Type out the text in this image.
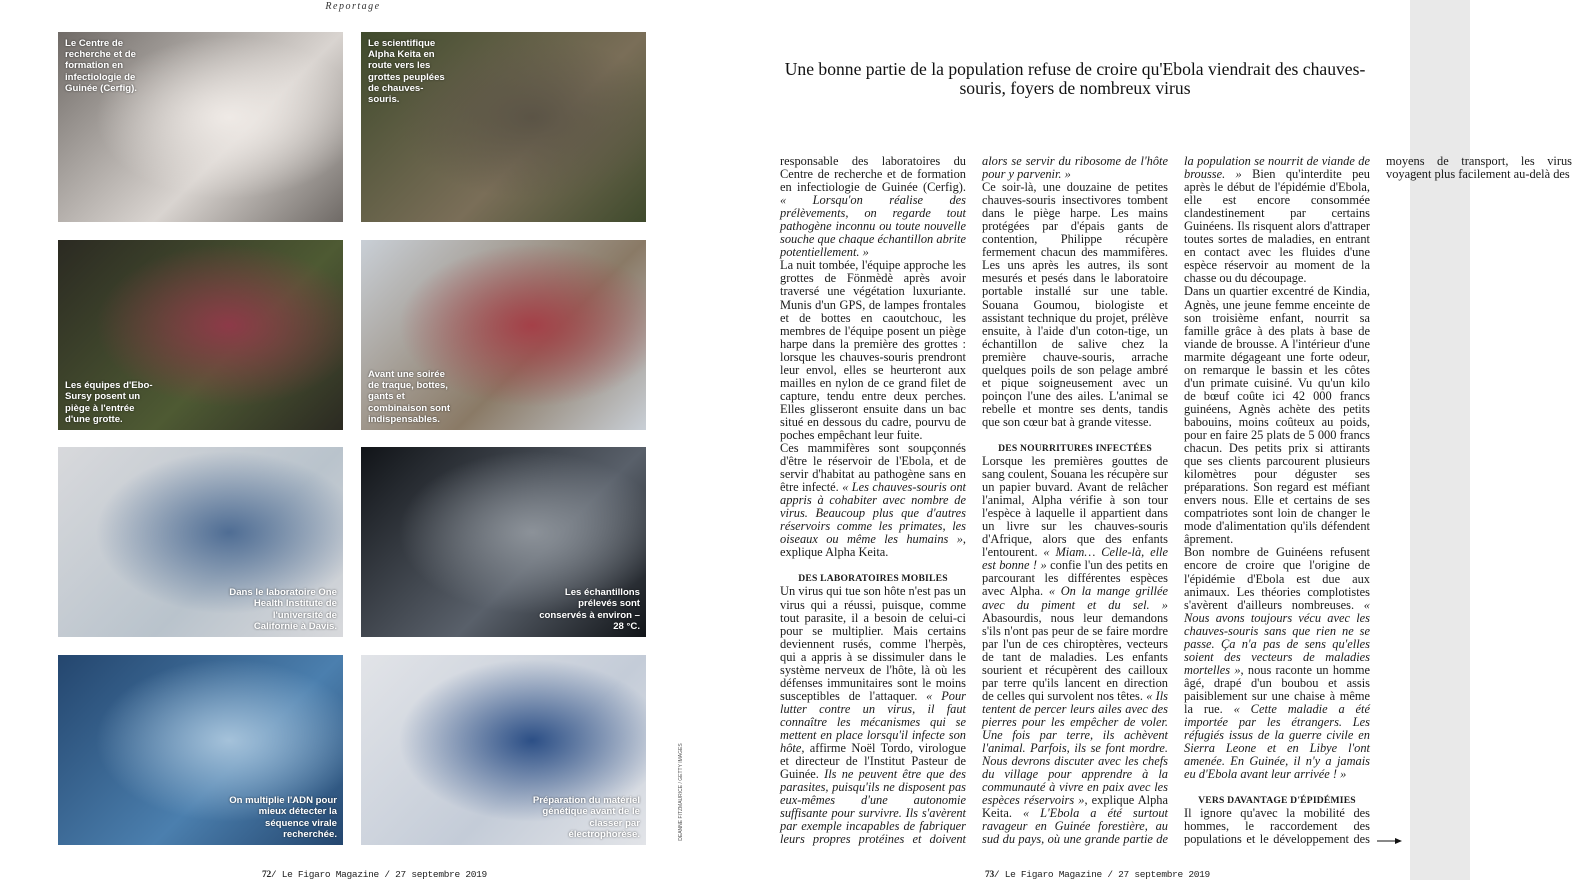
Reportage
Le Centre de recherche et de formation en infectiologie de Guinée (Cerfig).
Le scientifique Alpha Keita en route vers les grottes peuplées de chauves-souris.
Les équipes d'Ebo-Sursy posent un piège à l'entrée d'une grotte.
Avant une soirée de traque, bottes, gants et combinaison sont indispensables.
Dans le laboratoire One Health Institute de l'université de Californie à Davis.
Les échantillons prélevés sont conservés à environ – 28 °C.
On multiplie l'ADN pour mieux détecter la séquence virale recherchée.
Préparation du matériel génétique avant de le classer par électrophorèse.	DEANNE FITZMAURICE / GETTY IMAGES
Une bonne partie de la population refuse de croire qu'Ebola viendrait des chauves-souris, foyers de nombreux virus

responsable des laboratoires du Centre de recherche et de formation en infectiologie de Guinée (Cerfig). « Lorsqu'on réalise des prélèvements, on regarde tout pathogène inconnu ou toute nouvelle souche que chaque échantillon abrite potentiellement. »

La nuit tombée, l'équipe approche les grottes de Fönmèdè après avoir traversé une végétation luxuriante. Munis d'un GPS, de lampes frontales et de bottes en caoutchouc, les membres de l'équipe posent un piège harpe dans la première des grottes : lorsque les chauves-souris prendront leur envol, elles se heurteront aux mailles en nylon de ce grand filet de capture, tendu entre deux perches. Elles glisseront ensuite dans un bac situé en dessous du cadre, pourvu de poches empêchant leur fuite.

Ces mammifères sont soupçonnés d'être le réservoir de l'Ebola, et de servir d'habitat au pathogène sans en être infecté. « Les chauves-souris ont appris à cohabiter avec nombre de virus. Beaucoup plus que d'autres réservoirs comme les primates, les oiseaux ou même les humains », explique Alpha Keita.

DES LABORATOIRES MOBILES

Un virus qui tue son hôte n'est pas un virus qui a réussi, puisque, comme tout parasite, il a besoin de celui-ci pour se multiplier. Mais certains deviennent rusés, comme l'herpès, qui a appris à se dissimuler dans le système nerveux de l'hôte, là où les défenses immunitaires sont le moins susceptibles de l'attaquer. « Pour lutter contre un virus, il faut connaître les mécanismes qui se mettent en place lorsqu'il infecte son hôte, affirme Noël Tordo, virologue et directeur de l'Institut Pasteur de Guinée. Ils ne peuvent être que des parasites, puisqu'ils ne disposent pas eux-mêmes d'une autonomie suffisante pour survivre. Ils s'avèrent par exemple incapables de fabriquer leurs propres protéines et doivent alors se servir du ribosome de l'hôte pour y parvenir. »

Ce soir-là, une douzaine de petites chauves-souris insectivores tombent dans le piège harpe. Les mains protégées par d'épais gants de contention, Philippe récupère fermement chacun des mammifères. Les uns après les autres, ils sont mesurés et pesés dans le laboratoire portable installé sur une table. Souana Goumou, biologiste et assistant technique du projet, prélève ensuite, à l'aide d'un coton-tige, un échantillon de salive chez la première chauve-souris, arrache quelques poils de son pelage ambré et pique soigneusement avec un poinçon l'une des ailes. L'animal se rebelle et montre ses dents, tandis que son cœur bat à grande vitesse.

DES NOURRITURES INFECTÉES

Lorsque les premières gouttes de sang coulent, Souana les récupère sur un papier buvard. Avant de relâcher l'animal, Alpha vérifie à son tour l'espèce à laquelle il appartient dans un livre sur les chauves-souris d'Afrique, alors que des enfants l'entourent. « Miam… Celle-là, elle est bonne ! » confie l'un des petits en parcourant les différentes espèces avec Alpha. « On la mange grillée avec du piment et du sel. » Abasourdis, nous leur demandons s'ils n'ont pas peur de se faire mordre par l'un de ces chiroptères, vecteurs de tant de maladies. Les enfants sourient et récupèrent des cailloux par terre qu'ils lancent en direction de celles qui survolent nos têtes. « Ils tentent de percer leurs ailes avec des pierres pour les empêcher de voler. Une fois par terre, ils achèvent l'animal. Parfois, ils se font mordre. Nous devrons discuter avec les chefs du village pour apprendre à la communauté à vivre en paix avec les espèces réservoirs », explique Alpha Keita. « L'Ebola a été surtout ravageur en Guinée forestière, au sud du pays, où une grande partie de la population se nourrit de viande de brousse. » Bien qu'interdite peu après le début de l'épidémie d'Ebola, elle est encore consommée clandestinement par certains Guinéens. Ils risquent alors d'attraper toutes sortes de maladies, en entrant en contact avec les fluides d'une espèce réservoir au moment de la chasse ou du découpage.

Dans un quartier excentré de Kindia, Agnès, une jeune femme enceinte de son troisième enfant, nourrit sa famille grâce à des plats à base de viande de brousse. A l'intérieur d'une marmite dégageant une forte odeur, on remarque le bassin et les côtes d'un primate cuisiné. Vu qu'un kilo de bœuf coûte ici 42 000 francs guinéens, Agnès achète des petits babouins, moins coûteux au poids, pour en faire 25 plats de 5 000 francs chacun. Des petits prix si attirants que ses clients parcourent plusieurs kilomètres pour déguster ses préparations. Son regard est méfiant envers nous. Elle et certains de ses compatriotes sont loin de changer le mode d'alimentation qu'ils défendent âprement.

Bon nombre de Guinéens refusent encore de croire que l'origine de l'épidémie d'Ebola est due aux animaux. Les théories complotistes s'avèrent d'ailleurs nombreuses. « Nous avons toujours vécu avec les chauves-souris sans que rien ne se passe. Ça n'a pas de sens qu'elles soient des vecteurs de maladies mortelles », nous raconte un homme âgé, drapé d'un boubou et assis paisiblement sur une chaise à même la rue. « Cette maladie a été importée par les étrangers. Les réfugiés issus de la guerre civile en Sierra Leone et en Libye l'ont amenée. En Guinée, il n'y a jamais eu d'Ebola avant leur arrivée ! »

VERS DAVANTAGE D'ÉPIDÉMIES

Il ignore qu'avec la mobilité des hommes, le raccordement des populations et le développement des moyens de transport, les virus voyagent plus facilement au-delà des

72/ Le Figaro Magazine / 27 septembre 2019	73/ Le Figaro Magazine / 27 septembre 2019
